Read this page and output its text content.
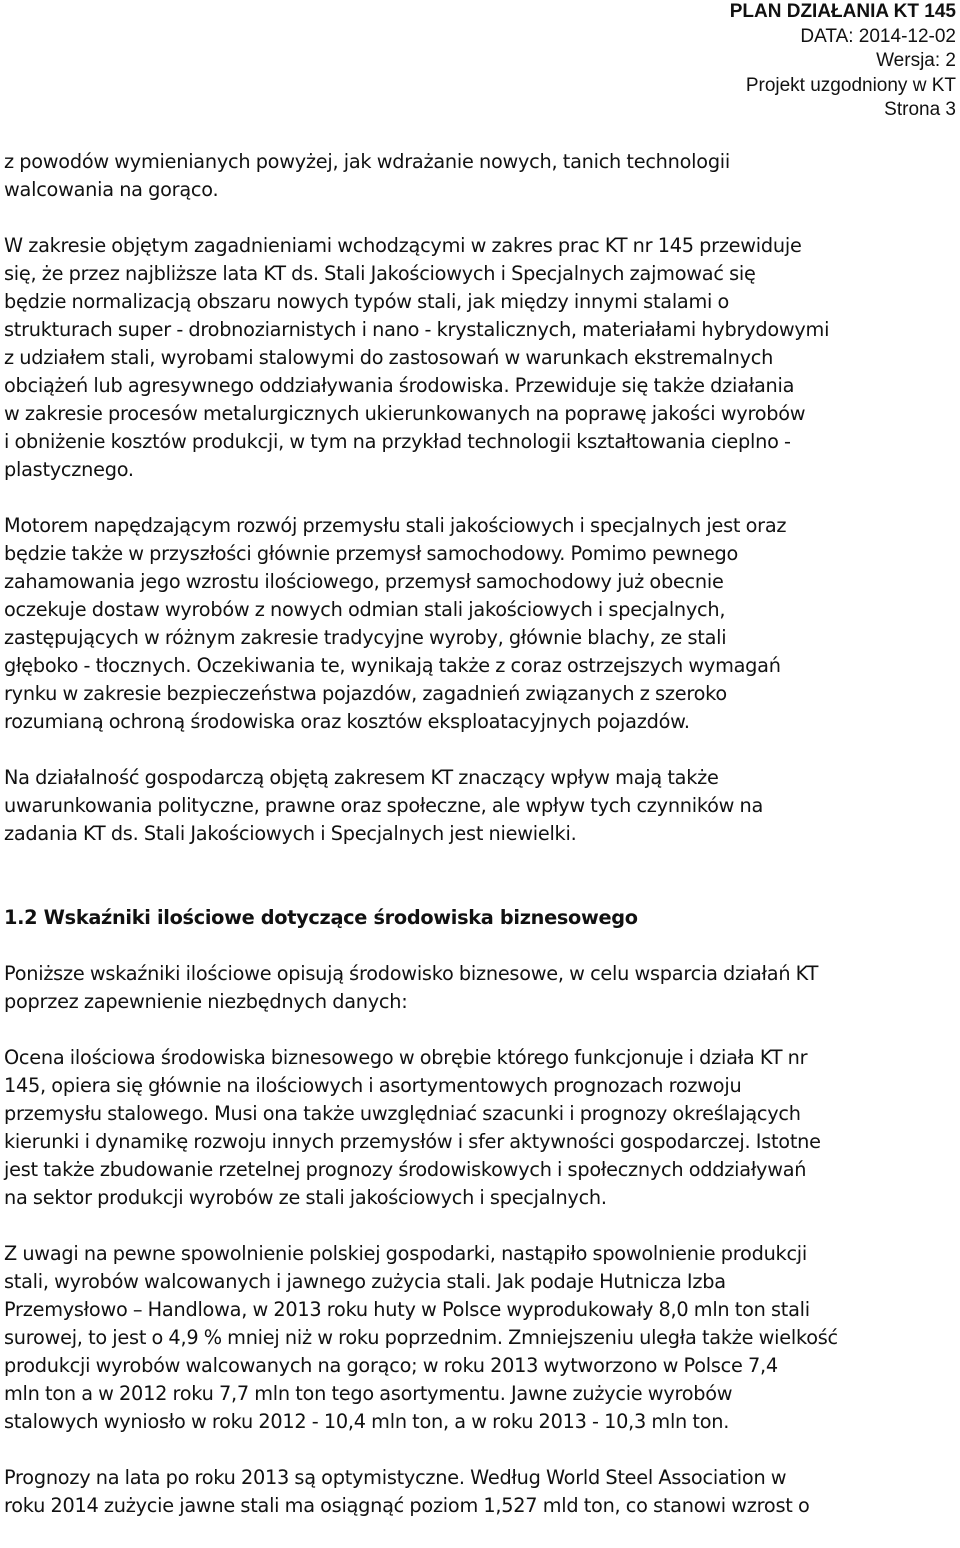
PLAN DZIAŁANIA KT 145
DATA: 2014-12-02
Wersja: 2
Projekt uzgodniony w KT
Strona 3
z powodów wymienianych powyżej, jak wdrażanie nowych, tanich technologii
walcowania na gorąco.
W zakresie objętym zagadnieniami wchodzącymi w zakres prac KT nr 145 przewiduje
się, że przez najbliższe lata KT ds. Stali Jakościowych i Specjalnych zajmować się
będzie normalizacją obszaru nowych typów stali, jak między innymi stalami o
strukturach super - drobnoziarnistych i nano - krystalicznych, materiałami hybrydowymi
z udziałem stali, wyrobami stalowymi do zastosowań w warunkach ekstremalnych
obciążeń lub agresywnego oddziaływania środowiska. Przewiduje się także działania
w zakresie procesów metalurgicznych ukierunkowanych na poprawę jakości wyrobów
i obniżenie kosztów produkcji, w tym na przykład technologii kształtowania cieplno -
plastycznego.
Motorem napędzającym rozwój przemysłu stali jakościowych i specjalnych jest oraz
będzie także w przyszłości głównie przemysł samochodowy. Pomimo pewnego
zahamowania jego wzrostu ilościowego, przemysł samochodowy już obecnie
oczekuje dostaw wyrobów z nowych odmian stali jakościowych i specjalnych,
zastępujących w różnym zakresie tradycyjne wyroby, głównie blachy, ze stali
głęboko - tłocznych. Oczekiwania te, wynikają także z coraz ostrzejszych wymagań
rynku w zakresie bezpieczeństwa pojazdów, zagadnień związanych z szeroko
rozumianą ochroną środowiska oraz kosztów eksploatacyjnych pojazdów.
Na działalność gospodarczą objętą zakresem KT znaczący wpływ mają także
uwarunkowania polityczne, prawne oraz społeczne, ale wpływ tych czynników na
zadania KT ds. Stali Jakościowych i Specjalnych jest niewielki.
1.2 Wskaźniki ilościowe dotyczące środowiska biznesowego
Poniższe wskaźniki ilościowe opisują środowisko biznesowe, w celu wsparcia działań KT
poprzez zapewnienie niezbędnych danych:
Ocena ilościowa środowiska biznesowego w obrębie którego funkcjonuje i działa KT nr
145, opiera się głównie na ilościowych i asortymentowych prognozach rozwoju
przemysłu stalowego. Musi ona także uwzględniać szacunki i prognozy określających
kierunki i dynamikę rozwoju innych przemysłów i sfer aktywności gospodarczej. Istotne
jest także zbudowanie rzetelnej prognozy środowiskowych i społecznych oddziaływań
na sektor produkcji wyrobów ze stali jakościowych i specjalnych.
Z uwagi na pewne spowolnienie polskiej gospodarki, nastąpiło spowolnienie produkcji
stali, wyrobów walcowanych i jawnego zużycia stali. Jak podaje Hutnicza Izba
Przemysłowo – Handlowa, w 2013 roku huty w Polsce wyprodukowały 8,0 mln ton stali
surowej, to jest o 4,9 % mniej niż w roku poprzednim. Zmniejszeniu uległa także wielkość
produkcji wyrobów walcowanych na gorąco; w roku 2013 wytworzono w Polsce 7,4
mln ton a w 2012 roku 7,7 mln ton tego asortymentu. Jawne zużycie wyrobów
stalowych wyniosło w roku 2012 - 10,4 mln ton, a w roku 2013 - 10,3 mln ton.
Prognozy na lata po roku 2013 są optymistyczne. Według World Steel Association w
roku 2014 zużycie jawne stali ma osiągnąć poziom 1,527 mld ton, co stanowi wzrost o
